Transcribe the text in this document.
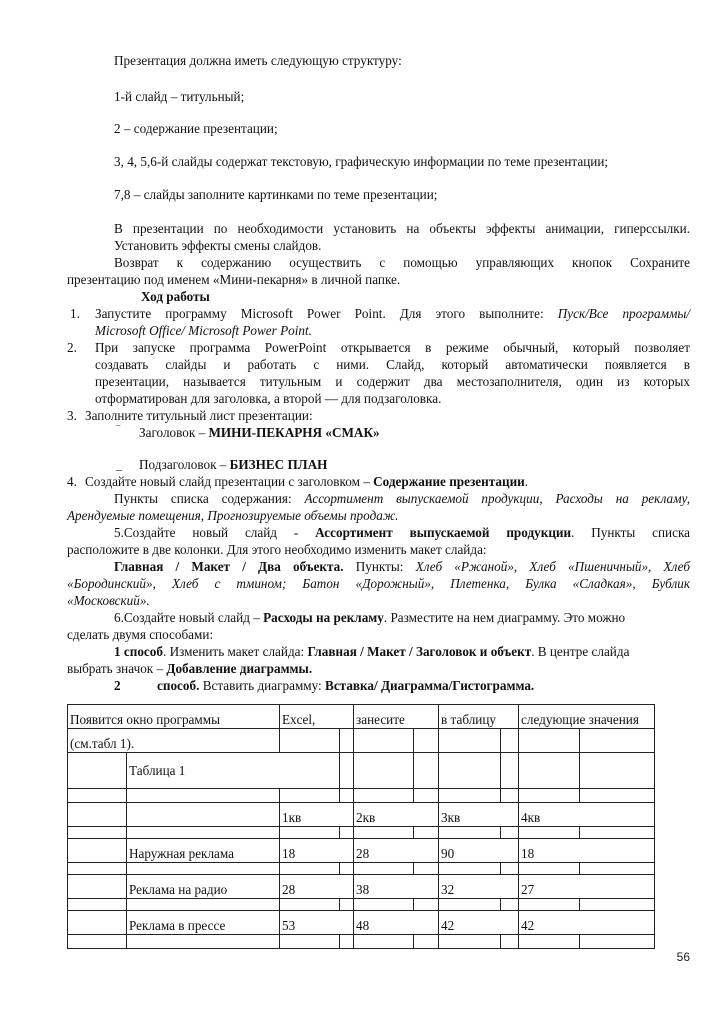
Презентация должна иметь следующую структуру:
1-й слайд – титульный;
2 – содержание презентации;
3, 4, 5,6-й слайды содержат текстовую, графическую информации по теме презентации;
7,8 – слайды заполните картинками по теме презентации;
В презентации по необходимости установить на объекты эффекты анимации, гиперссылки.
Установить эффекты смены слайдов.
Возврат к содержанию осуществить с помощью управляющих кнопок Сохраните
презентацию под именем «Мини-пекарня» в личной папке.
Ход работы
1. Запустите программу Microsoft Power Point. Для этого выполните: Пуск/Все программы/
Microsoft Office/ Microsoft Power Point.
2. При запуске программа PowerPoint открывается в режиме обычный, который позволяет
создавать слайды и работать с ними. Слайд, который автоматически появляется в
презентации, называется титульным и содержит два местозаполнителя, один из которых
отформатирован для заголовка, а второй — для подзаголовка.
3. Заполните титульный лист презентации:
‾ Заголовок – МИНИ-ПЕКАРНЯ «СМАК»
_ Подзаголовок – БИЗНЕС ПЛАН
4. Создайте новый слайд презентации с заголовком – Содержание презентации.
Пункты списка содержания: Ассортимент выпускаемой продукции, Расходы на рекламу,
Арендуемые помещения, Прогнозируемые объемы продаж.
5.Создайте новый слайд - Ассортимент выпускаемой продукции. Пункты списка
расположите в две колонки. Для этого необходимо изменить макет слайда:
Главная / Макет / Два объекта. Пункты: Хлеб «Ржаной», Хлеб «Пшеничный», Хлеб
«Бородинский», Хлеб с тмином; Батон «Дорожный», Плетенка, Булка «Сладкая», Бублик
«Московский».
6.Создайте новый слайд – Расходы на рекламу. Разместите на нем диаграмму. Это можно
сделать двумя способами:
1 способ. Изменить макет слайда: Главная / Макет / Заголовок и объект. В центре слайда
выбрать значок – Добавление диаграммы.
2	способ. Вставить диаграмму: Вставка/ Диаграмма/Гистограмма.
Появится окно программы		Excel,		занесите		в таблицу		следующие значения	
(см.табл 1).									
	Таблица 1								

		1кв		2кв		3кв		4кв	

	Наружная реклама	18		28		90		18	

	Реклама на радио	28		38		32		27	

	Реклама в прессе	53		48		42		42	

56
